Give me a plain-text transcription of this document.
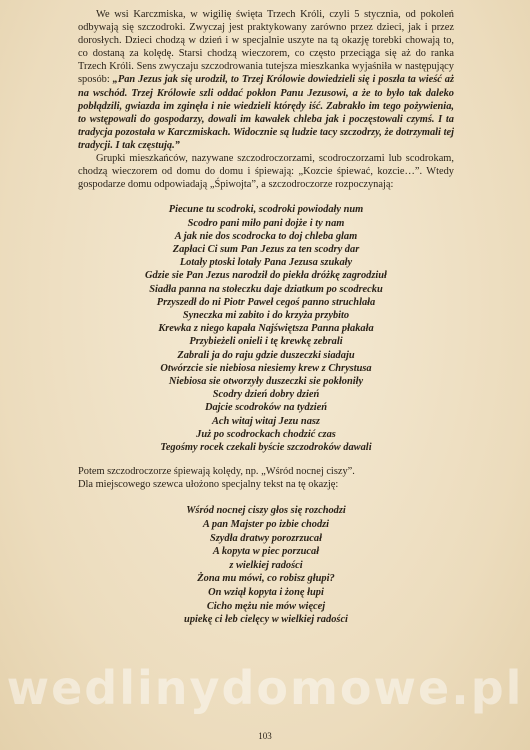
We wsi Karczmiska, w wigilię święta Trzech Króli, czyli 5 stycznia, od pokoleń odbywają się szczodroki. Zwyczaj jest praktykowany zarówno przez dzieci, jak i przez dorosłych. Dzieci chodzą w dzień i w specjalnie uszyte na tą okazję torebki chowają to, co dostaną za kolędę. Starsi chodzą wieczorem, co często przeciąga się aż do ranka Trzech Króli. Sens zwyczaju szczodrowania tutejsza mieszkanka wyjaśniła w następujący sposób: „Pan Jezus jak się urodził, to Trzej Królowie dowiedzieli się i poszła ta wieść aż na wschód. Trzej Królowie szli oddać pokłon Panu Jezusowi, a że to było tak daleko pobłądzili, gwiazda im zginęła i nie wiedzieli którędy iść. Zabrakło im tego pożywienia, to wstępowali do gospodarzy, dowali im kawałek chleba jak i poczęstowali czymś. I ta tradycja pozostała w Karczmiskach. Widocznie są ludzie tacy szczodrzy, że dotrzymali tej tradycji. I tak częstują.”

Grupki mieszkańców, nazywane szczodroczorzami, scodroczorzami lub scodrokam, chodzą wieczorem od domu do domu i śpiewają: „Kozcie śpiewać, kozcie…”. Wtedy gospodarze domu odpowiadają „Śpiwojta”, a szczodroczorze rozpoczynają:

Piecune tu scodroki, scodroki powiodały num
Scodro pani miło pani dojże i ty nam
A jak nie dos scodrocka to doj chleba glam
Zapłaci Ci sum Pan Jezus za ten scodry dar
Lotały ptoski lotały Pana Jezusa szukały
Gdzie sie Pan Jezus narodził do piekła dróżkę zagrodziuł
Siadła panna na stołeczku daje dziatkum po scodrecku
Przyszedł do ni Piotr Paweł cegoś panno struchlała
Syneczka mi zabito i do krzyża przybito
Krewka z niego kapała Najświętsza Panna płakała
Przybieżeli onieli i tę krewkę zebrali
Zabrali ja do raju gdzie duszeczki siadaju
Otwórzcie sie niebiosa niesiemy krew z Chrystusa
Niebiosa sie otworzyły duszeczki sie pokłoniły
Scodry dzień dobry dzień
Dajcie scodroków na tydzień
Ach witaj witaj Jezu nasz
Już po scodrockach chodzić czas
Tegośmy rocek czekali byście szczodroków dawali

Potem szczodroczorze śpiewają kolędy, np. „Wśród nocnej ciszy”.

Dla miejscowego szewca ułożono specjalny tekst na tę okazję:

Wśród nocnej ciszy głos się rozchodzi
A pan Majster po izbie chodzi
Szydła dratwy porozrzucał
A kopyta w piec porzucał
z wielkiej radości
Żona mu mówi, co robisz głupi?
On wziął kopyta i żonę łupi
Cicho mężu nie mów więcej
upiekę ci łeb cielęcy w wielkiej radości
wedlinydomowe.pl
103
